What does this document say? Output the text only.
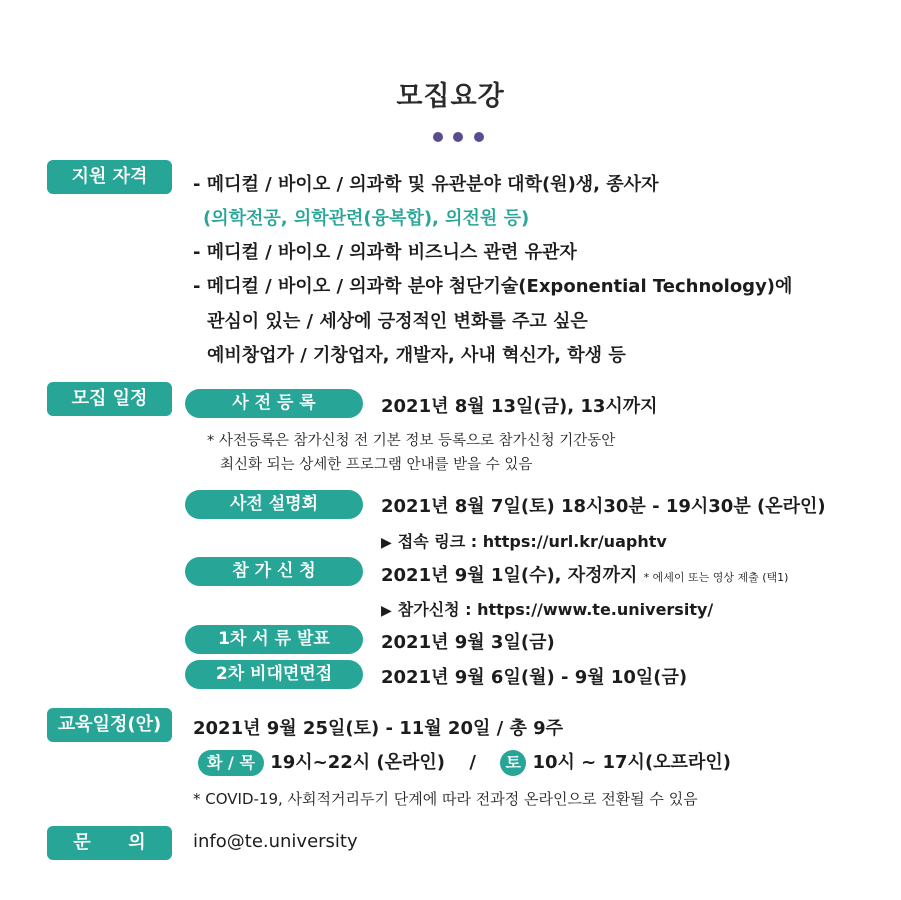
모집요강
지원 자격	- 메디컬 / 바이오 / 의과학 및 유관분야 대학(원)생, 종사자
(의학전공, 의학관련(융복합), 의전원 등)
- 메디컬 / 바이오 / 의과학 비즈니스 관련 유관자
- 메디컬 / 바이오 / 의과학 분야 첨단기술(Exponential Technology)에
관심이 있는 / 세상에 긍정적인 변화를 주고 싶은
예비창업가 / 기창업자, 개발자, 사내 혁신가, 학생 등
모집 일정	사 전 등 록	2021년 8월 13일(금), 13시까지
* 사전등록은 참가신청 전 기본 정보 등록으로 참가신청 기간동안
최신화 되는 상세한 프로그램 안내를 받을 수 있음
사전 설명회	2021년 8월 7일(토) 18시30분 - 19시30분 (온라인)
▶ 접속 링크 : https://url.kr/uaphtv
참 가 신 청	2021년 9월 1일(수), 자정까지 * 에세이 또는 영상 제출 (택1)
▶ 참가신청 : https://www.te.university/
1차 서 류 발표	2021년 9월 3일(금)
2차 비대면면접	2021년 9월 6일(월) - 9월 10일(금)
교육일정(안)	2021년 9월 25일(토) - 11월 20일 / 총 9주
화 / 목 19시~22시 (온라인) / 토 10시 ~ 17시(오프라인)
* COVID-19, 사회적거리두기 단계에 따라 전과정 온라인으로 전환될 수 있음
문      의	info@te.university
